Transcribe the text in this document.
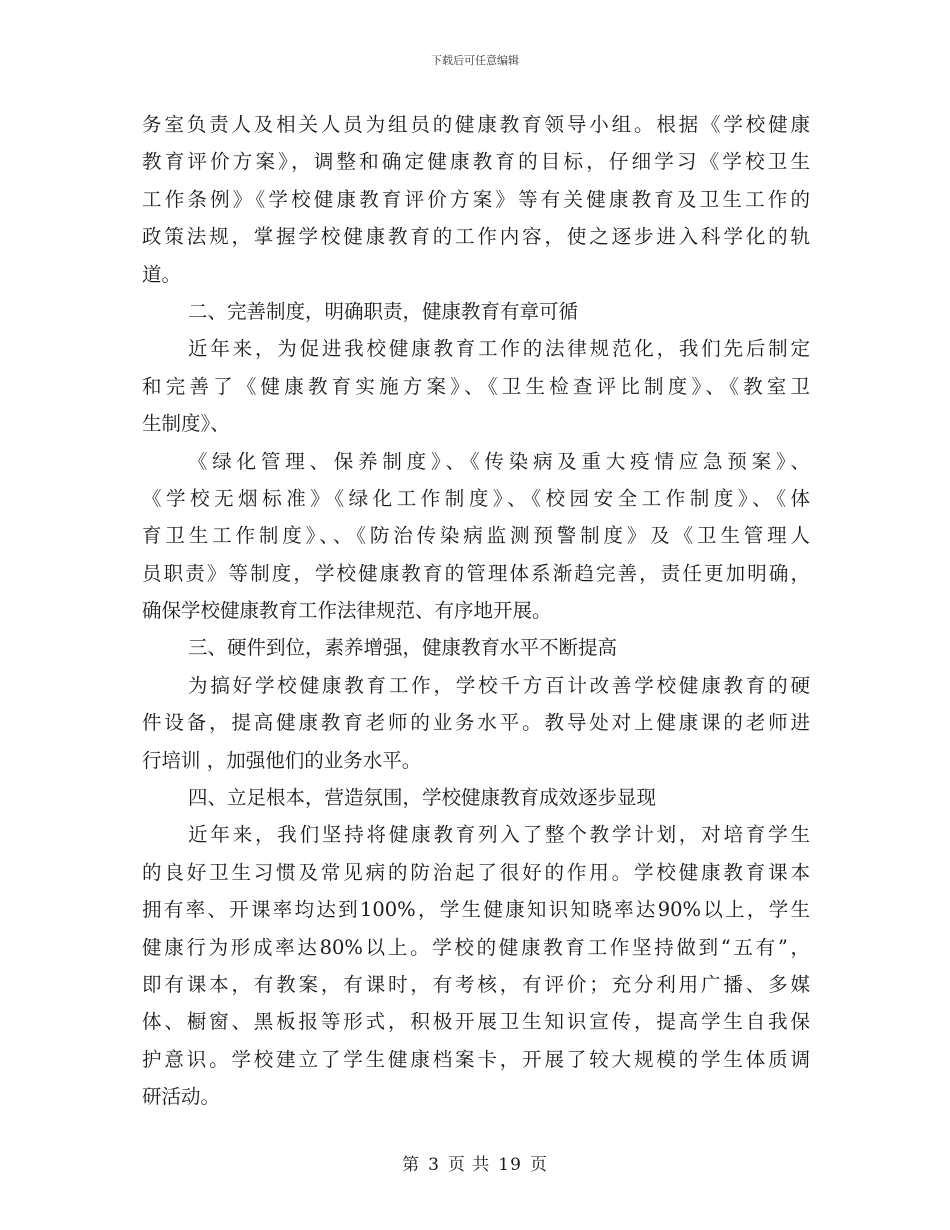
下载后可任意编辑
务室负责人及相关人员为组员的健康教育领导小组。根据《学校健康
教育评价方案》，调整和确定健康教育的目标，仔细学习《学校卫生
工作条例》《学校健康教育评价方案》等有关健康教育及卫生工作的
政策法规，掌握学校健康教育的工作内容，使之逐步进入科学化的轨
道。
二、完善制度，明确职责，健康教育有章可循
近年来，为促进我校健康教育工作的法律规范化，我们先后制定
和完善了《健康教育实施方案》、《卫生检查评比制度》、《教室卫
生制度》、
《绿化管理、保养制度》、《传染病及重大疫情应急预案》、
《学校无烟标准》《绿化工作制度》、《校园安全工作制度》、《体
育卫生工作制度》、、《防治传染病监测预警制度》及《卫生管理人
员职责》等制度，学校健康教育的管理体系渐趋完善，责任更加明确，
确保学校健康教育工作法律规范、有序地开展。
三、硬件到位，素养增强，健康教育水平不断提高
为搞好学校健康教育工作，学校千方百计改善学校健康教育的硬
件设备，提高健康教育老师的业务水平。教导处对上健康课的老师进
行培训 ，加强他们的业务水平。
四、立足根本，营造氛围，学校健康教育成效逐步显现
近年来，我们坚持将健康教育列入了整个教学计划，对培育学生
的良好卫生习惯及常见病的防治起了很好的作用。学校健康教育课本
拥有率、开课率均达到100%，学生健康知识知晓率达90%以上，学生
健康行为形成率达80%以上。学校的健康教育工作坚持做到“五有”，
即有课本，有教案，有课时，有考核，有评价；充分利用广播、多媒
体、橱窗、黑板报等形式，积极开展卫生知识宣传，提高学生自我保
护意识。学校建立了学生健康档案卡，开展了较大规模的学生体质调
研活动。
第 3 页 共 19 页
